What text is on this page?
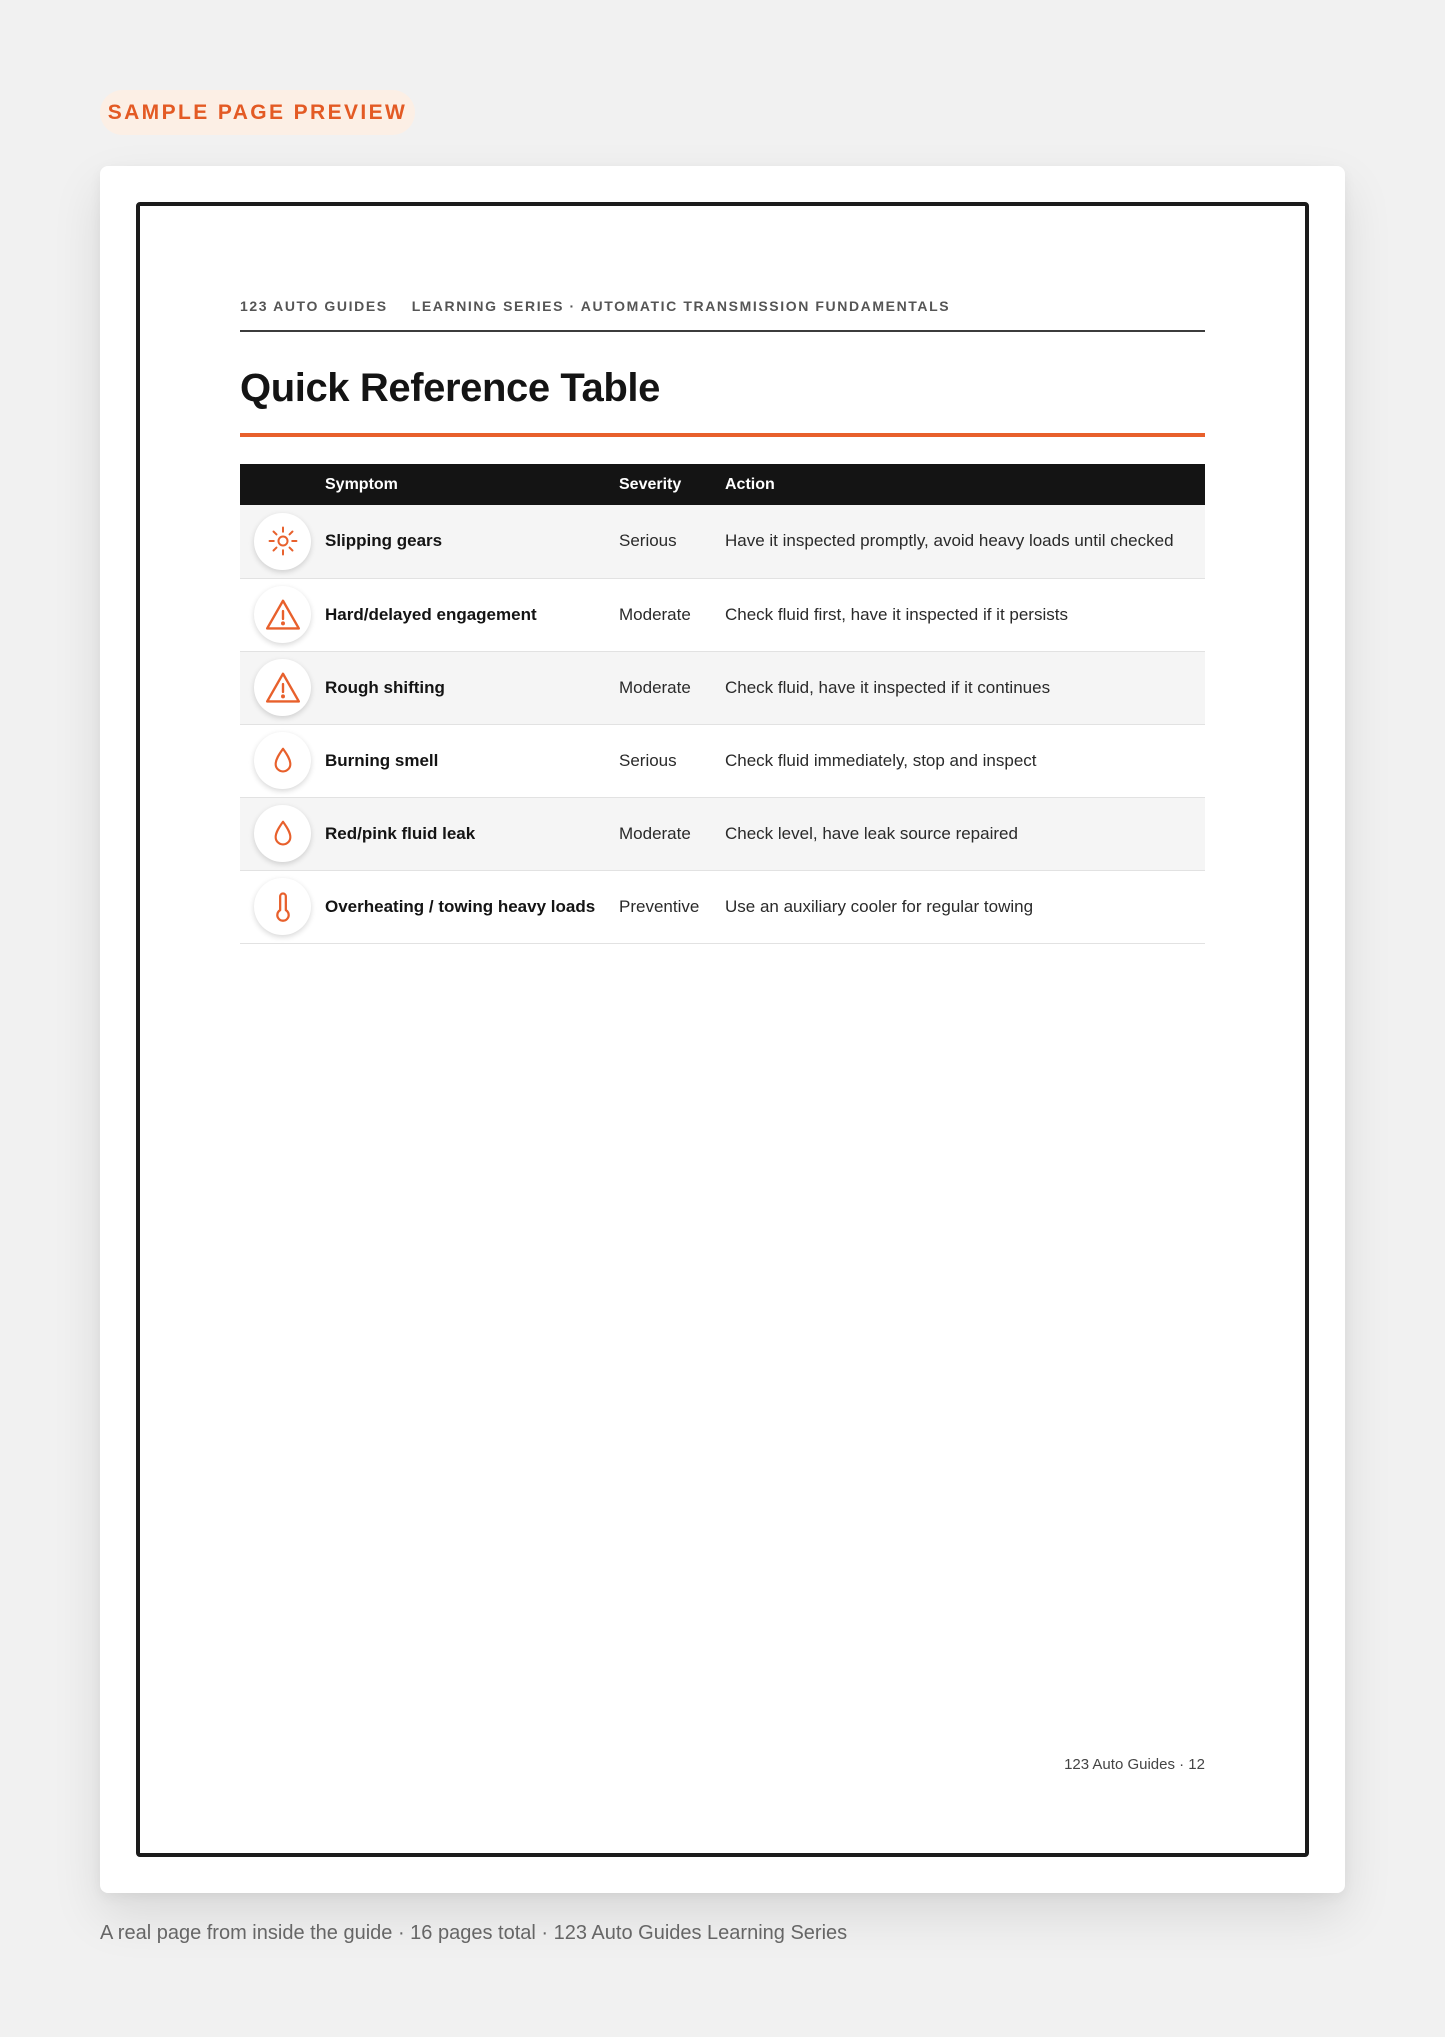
SAMPLE PAGE PREVIEW
123 AUTO GUIDES LEARNING SERIES · AUTOMATIC TRANSMISSION FUNDAMENTALS
Quick Reference Table
	Symptom	Severity	Action

	Slipping gears	Serious	Have it inspected promptly, avoid heavy loads until checked

	Hard/delayed engagement	Moderate	Check fluid first, have it inspected if it persists

	Rough shifting	Moderate	Check fluid, have it inspected if it continues

	Burning smell	Serious	Check fluid immediately, stop and inspect

	Red/pink fluid leak	Moderate	Check level, have leak source repaired

	Overheating / towing heavy loads	Preventive	Use an auxiliary cooler for regular towing
123 Auto Guides · 12
A real page from inside the guide · 16 pages total · 123 Auto Guides Learning Series
